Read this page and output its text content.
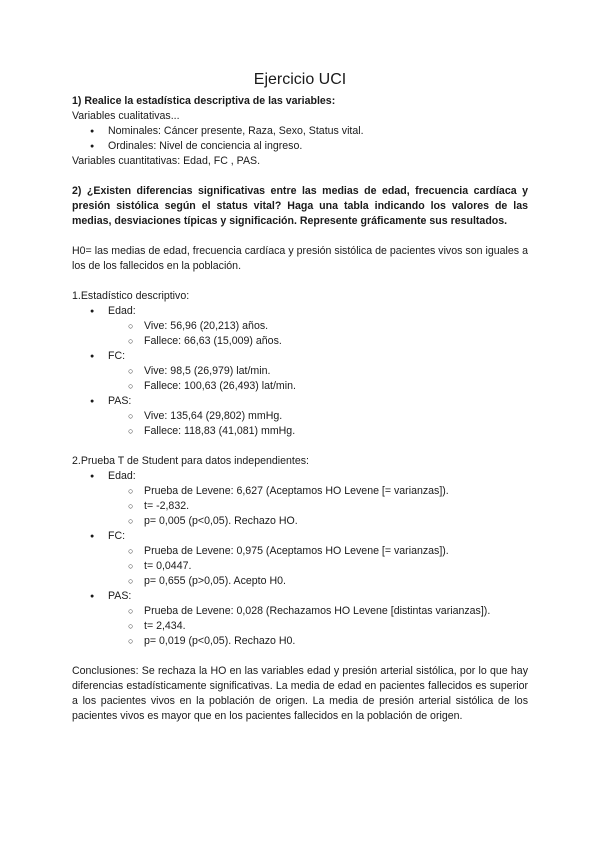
Ejercicio UCI

1) Realice la estadística descriptiva de las variables:

Variables cualitativas...

● Nominales: Cáncer presente, Raza, Sexo, Status vital.
● Ordinales: Nivel de conciencia al ingreso.

Variables cuantitativas: Edad, FC , PAS.

2) ¿Existen diferencias significativas entre las medias de edad, frecuencia cardíaca y presión sistólica según el status vital? Haga una tabla indicando los valores de las medias, desviaciones típicas y significación. Represente gráficamente sus resultados.

H0= las medias de edad, frecuencia cardíaca y presión sistólica de pacientes vivos son iguales a los de los fallecidos en la población.

1.Estadístico descriptivo:

● Edad:
○ Vive: 56,96 (20,213) años.
○ Fallece: 66,63 (15,009) años.
● FC:
○ Vive: 98,5 (26,979) lat/min.
○ Fallece: 100,63 (26,493) lat/min.
● PAS:
○ Vive: 135,64 (29,802) mmHg.
○ Fallece: 118,83 (41,081) mmHg.

2.Prueba T de Student para datos independientes:

● Edad:
○ Prueba de Levene: 6,627 (Aceptamos HO Levene [= varianzas]).
○ t= -2,832.
○ p= 0,005 (p<0,05). Rechazo HO.
● FC:
○ Prueba de Levene: 0,975 (Aceptamos HO Levene [= varianzas]).
○ t= 0,0447.
○ p= 0,655 (p>0,05). Acepto H0.
● PAS:
○ Prueba de Levene: 0,028 (Rechazamos HO Levene [distintas varianzas]).
○ t= 2,434.
○ p= 0,019 (p<0,05). Rechazo H0.

Conclusiones: Se rechaza la HO en las variables edad y presión arterial sistólica, por lo que hay diferencias estadísticamente significativas. La media de edad en pacientes fallecidos es superior a los pacientes vivos en la población de origen. La media de presión arterial sistólica de los pacientes vivos es mayor que en los pacientes fallecidos en la población de origen.
